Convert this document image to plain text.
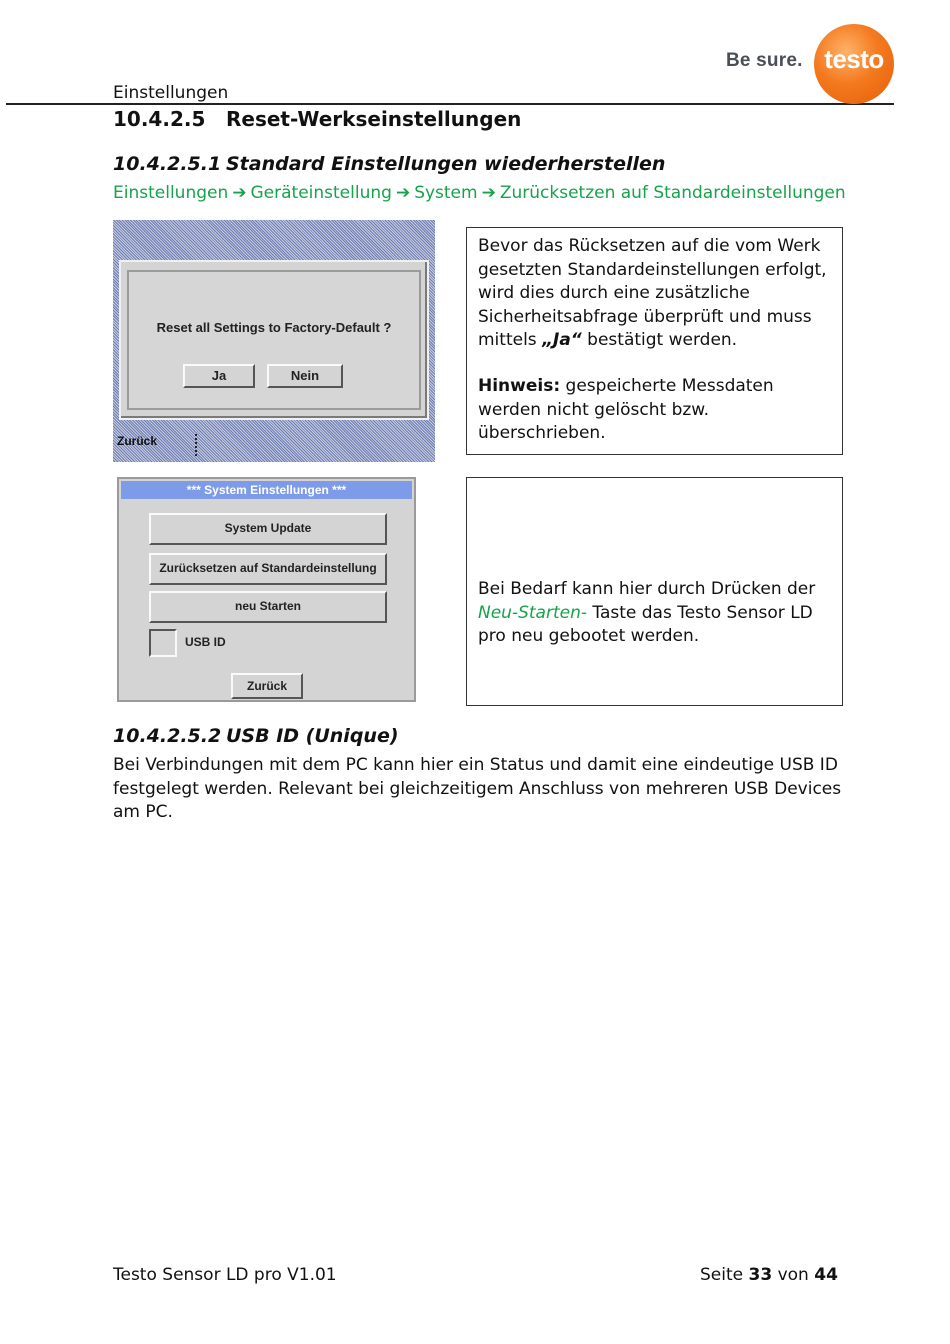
Einstellungen
Be sure. testo
10.4.2.5 Reset-Werkseinstellungen
10.4.2.5.1 Standard Einstellungen wiederherstellen
Einstellungen ➔ Geräteinstellung ➔ System ➔ Zurücksetzen auf Standardeinstellungen
Reset all Settings to Factory-Default ?
Ja	Nein
Zurück
Bevor das Rücksetzen auf die vom Werk gesetzten Standardeinstellungen erfolgt, wird dies durch eine zusätzliche Sicherheitsabfrage überprüft und muss mittels „Ja“ bestätigt werden.
Hinweis: gespeicherte Messdaten werden nicht gelöscht bzw. überschrieben.
*** System Einstellungen ***
System Update
Zurücksetzen auf Standardeinstellung
neu Starten
USB ID
Zurück
Bei Bedarf kann hier durch Drücken der Neu-Starten- Taste das Testo Sensor LD pro neu gebootet werden.
10.4.2.5.2 USB ID (Unique)
Bei Verbindungen mit dem PC kann hier ein Status und damit eine eindeutige USB ID festgelegt werden. Relevant bei gleichzeitigem Anschluss von mehreren USB Devices am PC.
Testo Sensor LD pro V1.01	Seite 33 von 44
